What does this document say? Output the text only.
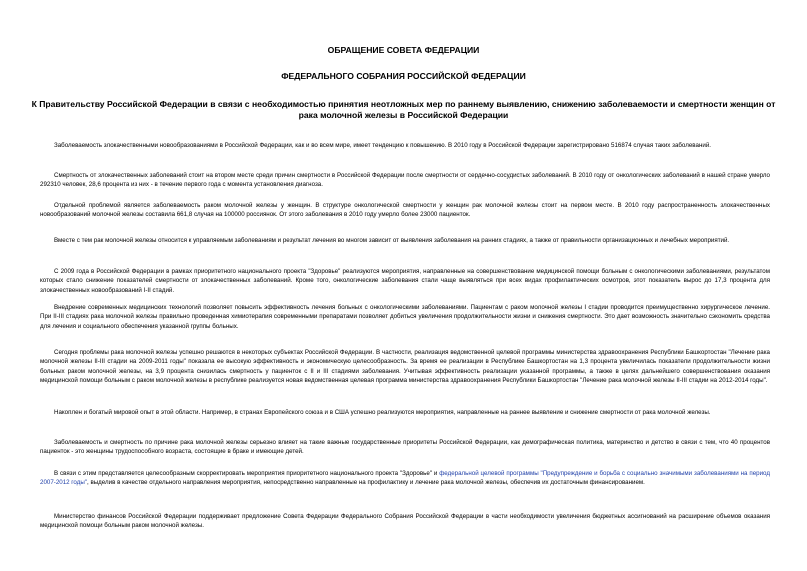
ОБРАЩЕНИЕ СОВЕТА ФЕДЕРАЦИИ

ФЕДЕРАЛЬНОГО СОБРАНИЯ РОССИЙСКОЙ ФЕДЕРАЦИИ

К Правительству Российской Федерации в связи с необходимостью принятия неотложных мер по раннему выявлению, снижению заболеваемости и смертности женщин от рака молочной железы в Российской Федерации

Заболеваемость злокачественными новообразованиями в Российской Федерации, как и во всем мире, имеет тенденцию к повышению. В 2010 году в Российской Федерации зарегистрировано 516874 случая таких заболеваний.

Смертность от злокачественных заболеваний стоит на втором месте среди причин смертности в Российской Федерации после смертности от сердечно-сосудистых заболеваний. В 2010 году от онкологических заболеваний в нашей стране умерло 292310 человек, 28,6 процента из них - в течение первого года с момента установления диагноза.

Отдельной проблемой является заболеваемость раком молочной железы у женщин. В структуре онкологической смертности у женщин рак молочной железы стоит на первом месте. В 2010 году распространенность злокачественных новообразований молочной железы составила 661,8 случая на 100000 россиянок. От этого заболевания в 2010 году умерло более 23000 пациенток.

Вместе с тем рак молочной железы относится к управляемым заболеваниям и результат лечения во многом зависит от выявления заболевания на ранних стадиях, а также от правильности организационных и лечебных мероприятий.

С 2009 года в Российской Федерации в рамках приоритетного национального проекта "Здоровье" реализуются мероприятия, направленные на совершенствование медицинской помощи больным с онкологическими заболеваниями, результатом которых стало снижение показателей смертности от злокачественных заболеваний. Кроме того, онкологические заболевания стали чаще выявляться при всех видах профилактических осмотров, этот показатель вырос до 17,3 процента для злокачественных новообразований I-II стадий.

Внедрение современных медицинских технологий позволяет повысить эффективность лечения больных с онкологическими заболеваниями. Пациентам с раком молочной железы I стадии проводится преимущественно хирургическое лечение. При II-III стадиях рака молочной железы правильно проведенная химиотерапия современными препаратами позволяет добиться увеличения продолжительности жизни и снижения смертности. Это дает возможность значительно сэкономить средства для лечения и социального обеспечения указанной группы больных.

Сегодня проблемы рака молочной железы успешно решаются в некоторых субъектах Российской Федерации. В частности, реализация ведомственной целевой программы министерства здравоохранения Республики Башкортостан "Лечение рака молочной железы II-III стадии на 2009-2011 годы" показала ее высокую эффективность и экономическую целесообразность. За время ее реализации в Республике Башкортостан на 1,3 процента увеличилась показатели продолжительности жизни больных раком молочной железы, на 3,9 процента снизилась смертность у пациенток с II и III стадиями заболевания. Учитывая эффективность реализации указанной программы, а также в целях дальнейшего совершенствования оказания медицинской помощи больным с раком молочной железы в республике реализуется новая ведомственная целевая программа министерства здравоохранения Республики Башкортостан "Лечение рака молочной железы II-III стадии на 2012-2014 годы".

Накоплен и богатый мировой опыт в этой области. Например, в странах Европейского союза и в США успешно реализуются мероприятия, направленные на раннее выявление и снижение смертности от рака молочной железы.

Заболеваемость и смертность по причине рака молочной железы серьезно влияет на такие важные государственные приоритеты Российской Федерации, как демографическая политика, материнство и детство в связи с тем, что 40 процентов пациенток - это женщины трудоспособного возраста, состоящие в браке и имеющие детей.

В связи с этим представляется целесообразным скорректировать мероприятия приоритетного национального проекта "Здоровье" и федеральной целевой программы "Предупреждение и борьба с социально значимыми заболеваниями на период 2007-2012 годы", выделив в качестве отдельного направления мероприятия, непосредственно направленные на профилактику и лечение рака молочной железы, обеспечив их достаточным финансированием.

Министерство финансов Российской Федерации поддерживает предложение Совета Федерации Федерального Собрания Российской Федерации в части необходимости увеличения бюджетных ассигнований на расширение объемов оказания медицинской помощи больным раком молочной железы.
